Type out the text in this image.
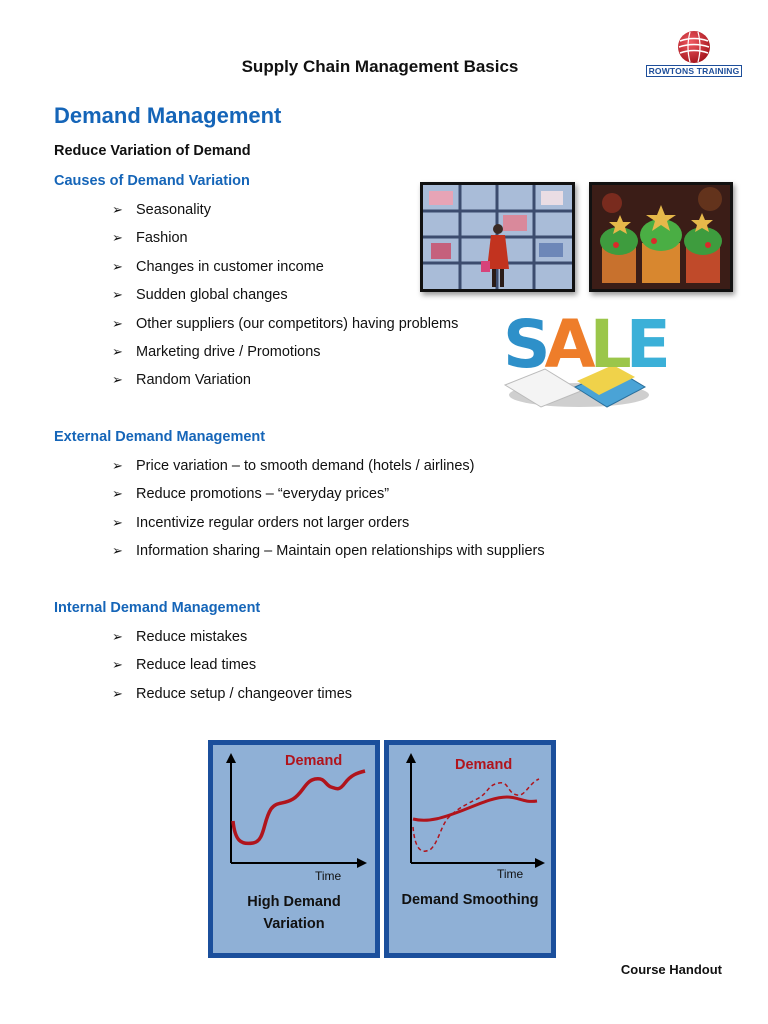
Supply Chain Management Basics	ROWTONS TRAINING
Demand Management
Reduce Variation of Demand
Causes of Demand Variation
➢ Seasonality
➢ Fashion
➢ Changes in customer income
➢ Sudden global changes
➢ Other suppliers (our competitors) having problems
➢ Marketing drive / Promotions
➢ Random Variation	SALE
External Demand Management
➢ Price variation – to smooth demand (hotels / airlines)
➢ Reduce promotions – “everyday prices”
➢ Incentivize regular orders not larger orders
➢ Information sharing – Maintain open relationships with suppliers
Internal Demand Management
➢ Reduce mistakes
➢ Reduce lead times
➢ Reduce setup / changeover times
Demand
Time
High Demand
Variation
Demand
Time
Demand Smoothing
Course Handout
